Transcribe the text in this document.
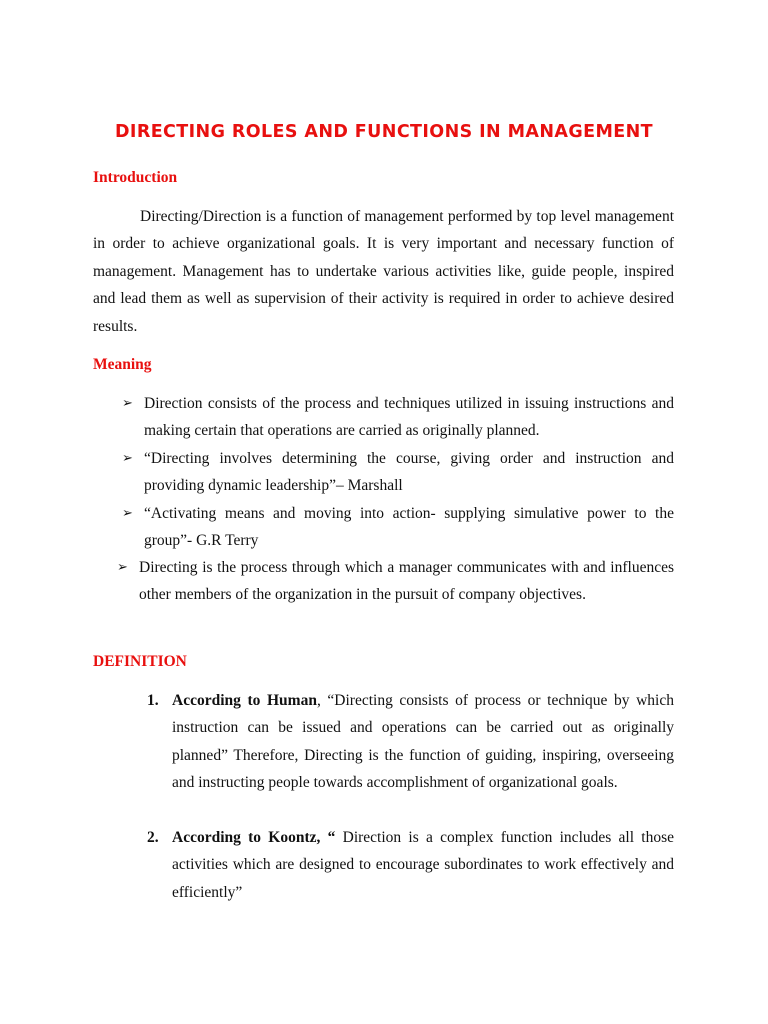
DIRECTING ROLES AND FUNCTIONS IN MANAGEMENT
Introduction

Directing/Direction is a function of management performed by top level management in order to achieve organizational goals. It is very important and necessary function of management. Management has to undertake various activities like, guide people, inspired and lead them as well as supervision of their activity is required in order to achieve desired results.

Meaning
➢ Direction consists of the process and techniques utilized in issuing instructions and making certain that operations are carried as originally planned.
➢ “Directing involves determining the course, giving order and instruction and providing dynamic leadership”– Marshall
➢ “Activating means and moving into action- supplying simulative power to the group”- G.R Terry
➢ Directing is the process through which a manager communicates with and influences other members of the organization in the pursuit of company objectives.
DEFINITION
1. According to Human, “Directing consists of process or technique by which instruction can be issued and operations can be carried out as originally planned” Therefore, Directing is the function of guiding, inspiring, overseeing and instructing people towards accomplishment of organizational goals.
2. According to Koontz, “ Direction is a complex function includes all those activities which are designed to encourage subordinates to work effectively and efficiently”
